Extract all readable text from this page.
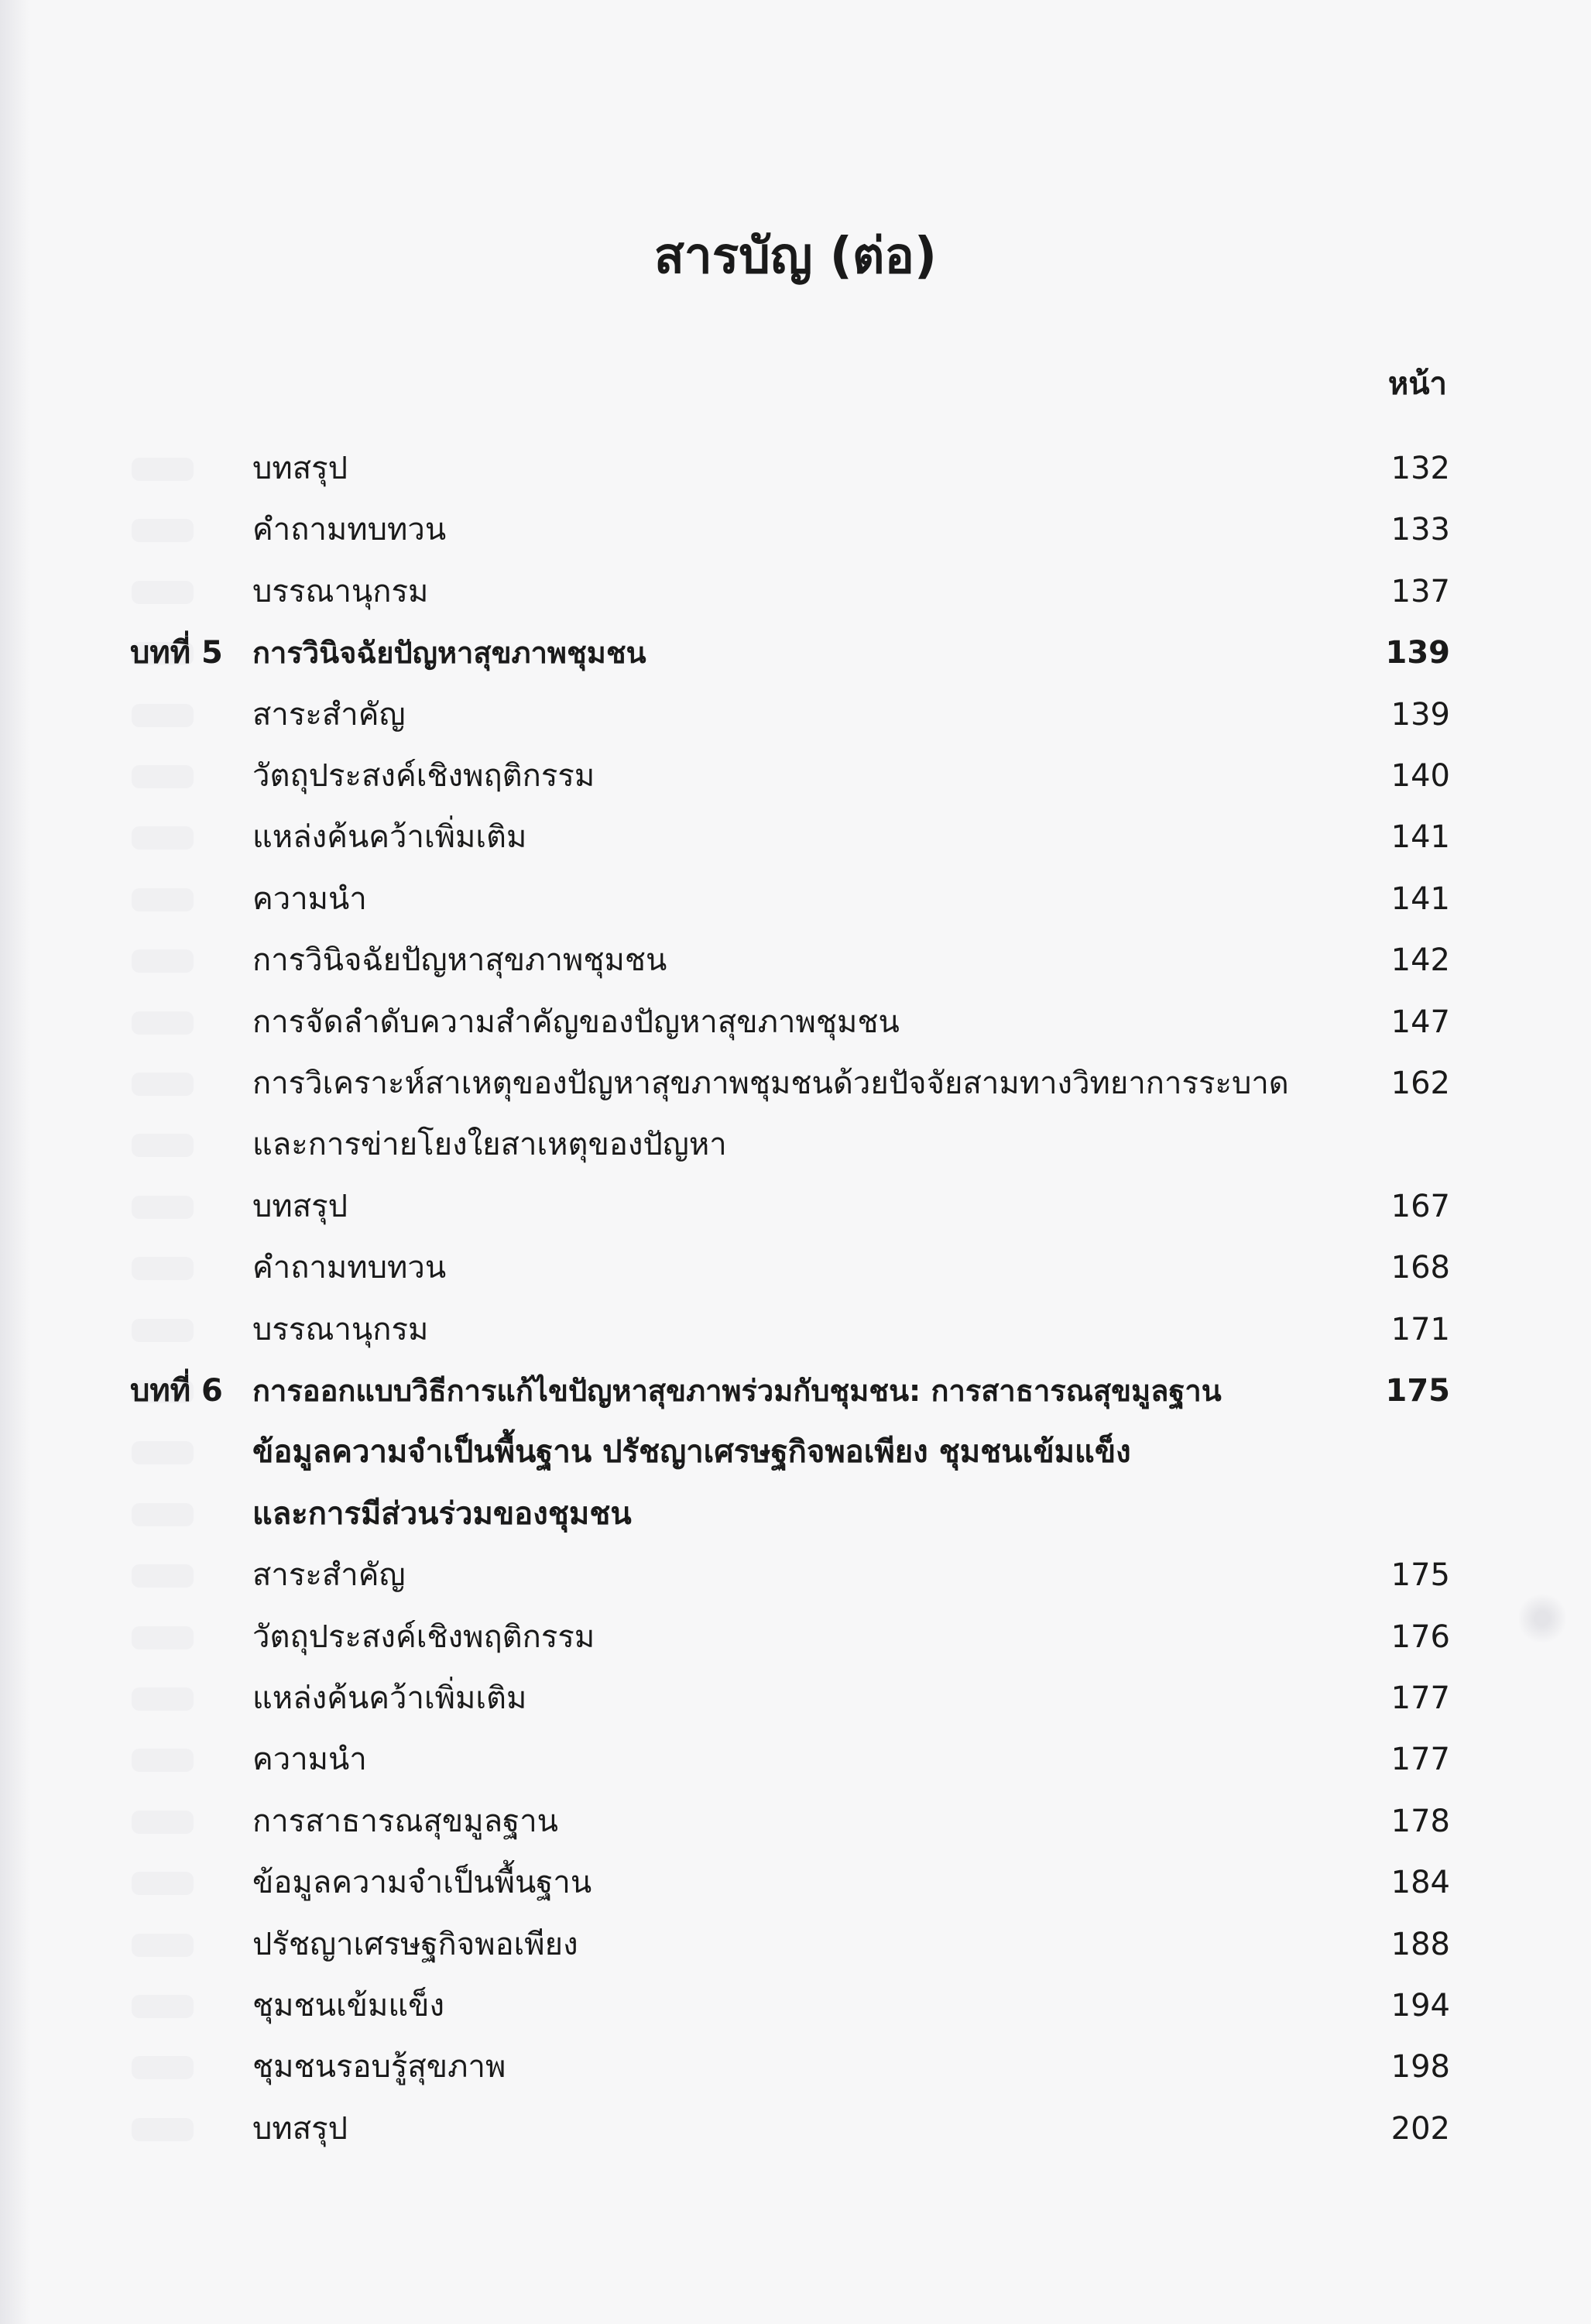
สารบัญ (ต่อ)
หน้า
บทสรุป	132
คำถามทบทวน	133
บรรณานุกรม	137
บทที่ 5 การวินิจฉัยปัญหาสุขภาพชุมชน	139
สาระสำคัญ	139
วัตถุประสงค์เชิงพฤติกรรม	140
แหล่งค้นคว้าเพิ่มเติม	141
ความนำ	141
การวินิจฉัยปัญหาสุขภาพชุมชน	142
การจัดลำดับความสำคัญของปัญหาสุขภาพชุมชน	147
การวิเคราะห์สาเหตุของปัญหาสุขภาพชุมชนด้วยปัจจัยสามทางวิทยาการระบาด	162
และการข่ายโยงใยสาเหตุของปัญหา
บทสรุป	167
คำถามทบทวน	168
บรรณานุกรม	171
บทที่ 6 การออกแบบวิธีการแก้ไขปัญหาสุขภาพร่วมกับชุมชน: การสาธารณสุขมูลฐาน	175
ข้อมูลความจำเป็นพื้นฐาน ปรัชญาเศรษฐกิจพอเพียง ชุมชนเข้มแข็ง
และการมีส่วนร่วมของชุมชน
สาระสำคัญ	175
วัตถุประสงค์เชิงพฤติกรรม	176
แหล่งค้นคว้าเพิ่มเติม	177
ความนำ	177
การสาธารณสุขมูลฐาน	178
ข้อมูลความจำเป็นพื้นฐาน	184
ปรัชญาเศรษฐกิจพอเพียง	188
ชุมชนเข้มแข็ง	194
ชุมชนรอบรู้สุขภาพ	198
บทสรุป	202
